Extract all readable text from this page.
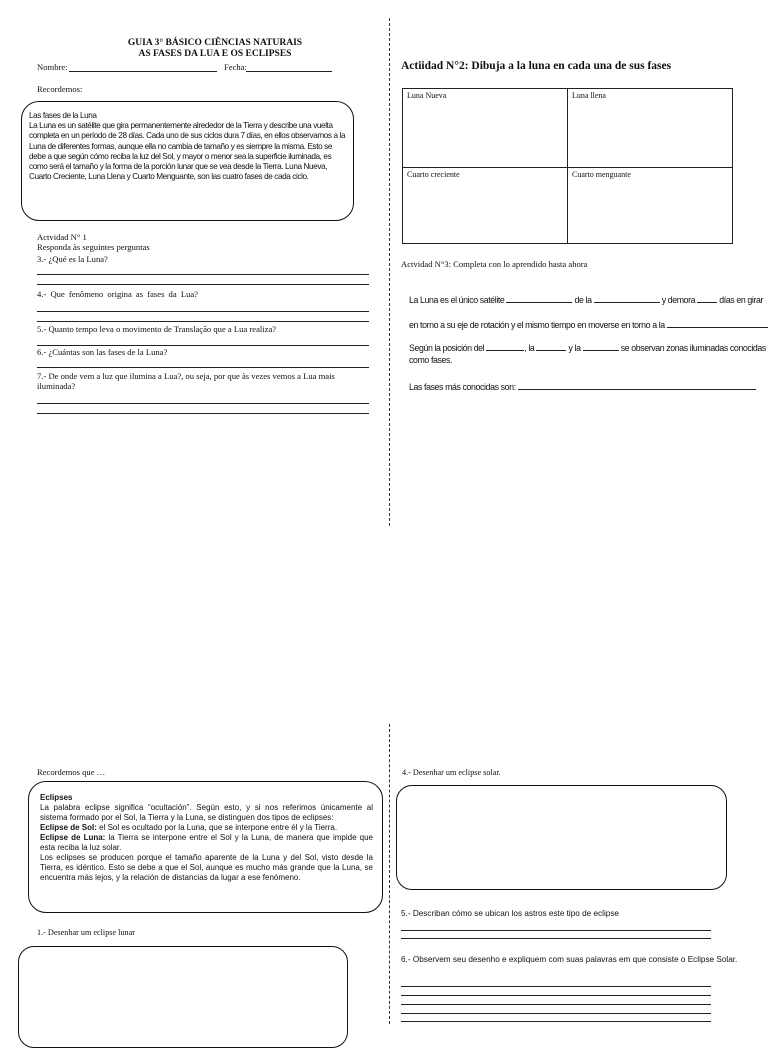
GUIA 3° BÁSICO CIÊNCIAS NATURAIS
AS FASES DA LUA E OS ECLIPSES
Nombre:	Fecha:
Recordemos:
Las fases de la Luna
La Luna es un satélite que gira permanentemente alrededor de la Tierra y describe una vuelta completa en un período de 28 días. Cada uno de sus ciclos dura 7 días, en ellos observamos a la Luna de diferentes formas, aunque ella no cambia de tamaño y es siempre la misma. Esto se debe a que según cómo reciba la luz del Sol, y mayor o menor sea la superficie iluminada, es como será el tamaño y la forma de la porción lunar que se vea desde la Tierra. Luna Nueva, Cuarto Creciente, Luna Llena y Cuarto Menguante, son las cuatro fases de cada ciclo.
Actvidad N° 1
Responda às seguintes perguntas
3.- ¿Qué es la Luna?
4.- Que fenômeno origina as fases da Lua?
5.- Quanto tempo leva o movimento de Translação que a Lua realiza?
6.- ¿Cuántas son las fases de la Luna?
7.- De onde vem a luz que ilumina a Lua?, ou seja, por que às vezes vemos a Lua mais iluminada?
Actiidad N°2: Dibuja a la luna en cada una de sus fases
Luna Nueva	Luna llena
Cuarto creciente	Cuarto menguante
Actvidad N°3: Completa con lo aprendido hasta ahora
La Luna es el único satélite	de la	y demora	días en girar
en torno a su eje de rotación y el mismo tiempo en moverse en torno a la
Según la posición del	, la	y la	se observan zonas iluminadas conocidas
como fases.
Las fases más conocidas son:
Recordemos que …
Eclipses
La palabra eclipse significa “ocultación”. Según esto, y si nos referimos únicamente al sistema formado por el Sol, la Tierra y la Luna, se distinguen dos tipos de eclipses:
Eclipse de Sol: el Sol es ocultado por la Luna, que se interpone entre él y la Tierra.
Eclipse de Luna: la Tierra se interpone entre el Sol y la Luna, de manera que impide que esta reciba la luz solar.
Los eclipses se producen porque el tamaño aparente de la Luna y del Sol, visto desde la Tierra, es idéntico. Esto se debe a que el Sol, aunque es mucho más grande que la Luna, se encuentra más lejos, y la relación de distancias da lugar a ese fenómeno.
1.- Desenhar um eclipse lunar
4.- Desenhar um eclipse solar.
5.- Describan cómo se ubican los astros este tipo de eclipse
6.- Observem seu desenho e expliquem com suas palavras em que consiste o Eclipse Solar.
